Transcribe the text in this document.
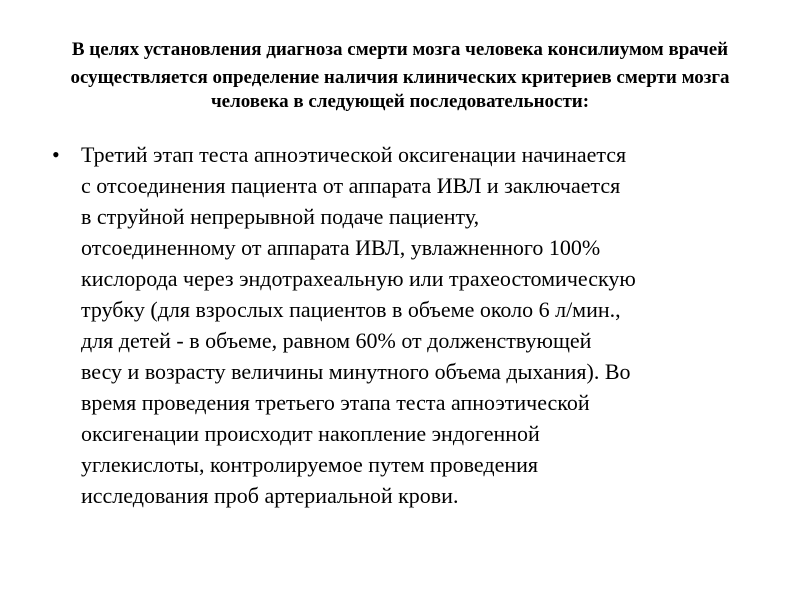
В целях установления диагноза смерти мозга человека консилиумом врачей
осуществляется определение наличия клинических критериев смерти мозга
человека в следующей последовательности:
• Третий этап теста апноэтической оксигенации начинается
с отсоединения пациента от аппарата ИВЛ и заключается
в струйной непрерывной подаче пациенту,
отсоединенному от аппарата ИВЛ, увлажненного 100%
кислорода через эндотрахеальную или трахеостомическую
трубку (для взрослых пациентов в объеме около 6 л/мин.,
для детей - в объеме, равном 60% от долженствующей
весу и возрасту величины минутного объема дыхания). Во
время проведения третьего этапа теста апноэтической
оксигенации происходит накопление эндогенной
углекислоты, контролируемое путем проведения
исследования проб артериальной крови.
